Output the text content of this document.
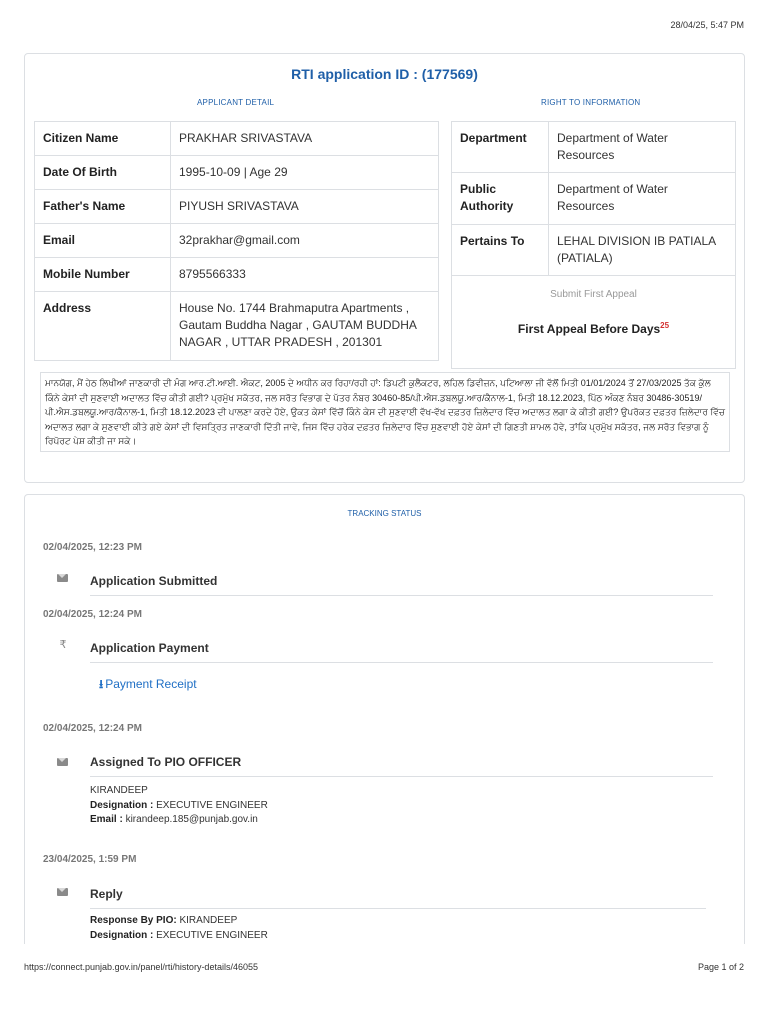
28/04/25, 5:47 PM
RTI application ID : (177569)
APPLICANT DETAIL	RIGHT TO INFORMATION
Citizen Name	PRAKHAR SRIVASTAVA
Date Of Birth	1995-10-09 | Age 29
Father's Name	PIYUSH SRIVASTAVA
Email	32prakhar@gmail.com
Mobile Number	8795566333
Address	House No. 1744 Brahmaputra Apartments , Gautam Buddha Nagar , GAUTAM BUDDHA NAGAR , UTTAR PRADESH , 201301
Department	Department of Water Resources
Public Authority	Department of Water Resources
Pertains To	LEHAL DIVISION IB PATIALA (PATIALA)
Submit First Appeal
First Appeal Before Days$^{25}$
ਮਾਨਯੋਗ, ਮੈਂ ਹੇਠ ਲਿਖੀਆਂ ਜਾਣਕਾਰੀ ਦੀ ਮੰਗ ਆਰ.ਟੀ.ਆਈ. ਐਕਟ, 2005 ਦੇ ਅਧੀਨ ਕਰ ਰਿਹਾ/ਰਹੀ ਹਾਂ: ਡਿਪਟੀ ਕੁਲੈਕਟਰ, ਲਹਿਲ ਡਿਵੀਜ਼ਨ, ਪਟਿਆਲਾ ਜੀ ਵੱਲੋਂ ਮਿਤੀ 01/01/2024 ਤੋਂ 27/03/2025 ਤੱਕ ਕੁੱਲ ਕਿੰਨੇ ਕੇਸਾਂ ਦੀ ਸੁਣਵਾਈ ਅਦਾਲਤ ਵਿੱਚ ਕੀਤੀ ਗਈ? ਪ੍ਰਮੁੱਖ ਸਕੱਤਰ, ਜਲ ਸਰੋਤ ਵਿਭਾਗ ਦੇ ਪੱਤਰ ਨੰਬਰ 30460-85/ਪੀ.ਐਸ.ਡਬਲਯੂ.ਆਰ/ਕੈਨਾਲ-1, ਮਿਤੀ 18.12.2023, ਪਿੱਠ ਅੰਕਣ ਨੰਬਰ 30486-30519/ਪੀ.ਐਸ.ਡਬਲਯੂ.ਆਰ/ਕੈਨਾਲ-1, ਮਿਤੀ 18.12.2023 ਦੀ ਪਾਲਣਾ ਕਰਦੇ ਹੋਏ, ਉਕਤ ਕੇਸਾਂ ਵਿੱਚੋਂ ਕਿੰਨੇ ਕੇਸ ਦੀ ਸੁਣਵਾਈ ਵੱਖ-ਵੱਖ ਦਫ਼ਤਰ ਜ਼ਿਲੇਦਾਰ ਵਿੱਚ ਅਦਾਲਤ ਲਗਾ ਕੇ ਕੀਤੀ ਗਈ? ਉਪਰੋਕਤ ਦਫ਼ਤਰ ਜ਼ਿਲੇਦਾਰ ਵਿੱਚ ਅਦਾਲਤ ਲਗਾ ਕੇ ਸੁਣਵਾਈ ਕੀਤੇ ਗਏ ਕੇਸਾਂ ਦੀ ਵਿਸਤ੍ਰਿਤ ਜਾਣਕਾਰੀ ਦਿੱਤੀ ਜਾਵੇ, ਜਿਸ ਵਿੱਚ ਹਰੇਕ ਦਫ਼ਤਰ ਜ਼ਿਲੇਦਾਰ ਵਿੱਚ ਸੁਣਵਾਈ ਹੋਏ ਕੇਸਾਂ ਦੀ ਗਿਣਤੀ ਸ਼ਾਮਲ ਹੋਵੇ, ਤਾਂਕਿ ਪ੍ਰਮੁੱਖ ਸਕੱਤਰ, ਜਲ ਸਰੋਤ ਵਿਭਾਗ ਨੂੰ ਰਿਪੋਰਟ ਪੇਸ਼ ਕੀਤੀ ਜਾ ਸਕੇ।
TRACKING STATUS
02/04/2025, 12:23 PM
Application Submitted
02/04/2025, 12:24 PM
₹ Application Payment
⭳ Payment Receipt
02/04/2025, 12:24 PM
Assigned To PIO OFFICER
KIRANDEEP
Designation : EXECUTIVE ENGINEER
Email : kirandeep.185@punjab.gov.in
23/04/2025, 1:59 PM
Reply
Response By PIO: KIRANDEEP
Designation : EXECUTIVE ENGINEER
https://connect.punjab.gov.in/panel/rti/history-details/46055	Page 1 of 2
